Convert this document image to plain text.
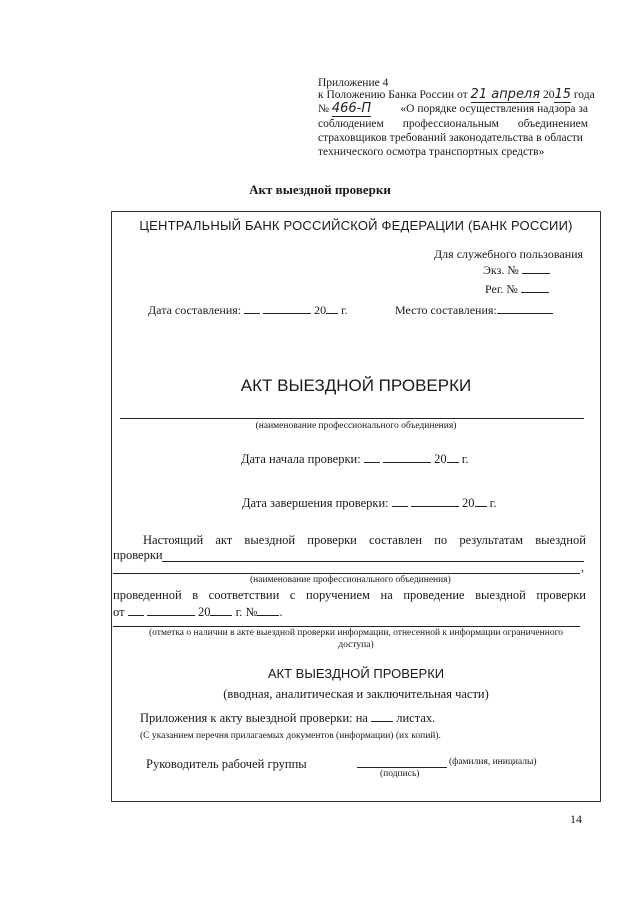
Приложение 4
к Положению Банка России от 21 апреля 2015 года
№ 466-П	«О порядке осуществления надзора за
соблюдением профессиональным объединением
страховщиков требований законодательства в области
технического осмотра транспортных средств»
Акт выездной проверки
ЦЕНТРАЛЬНЫЙ БАНК РОССИЙСКОЙ ФЕДЕРАЦИИ (БАНК РОССИИ)
Для служебного пользования
Экз. №
Рег. №
Дата составления:	20 г.	Место составления:
АКТ ВЫЕЗДНОЙ ПРОВЕРКИ
(наименование профессионального объединения)
Дата начала проверки:	20 г.
Дата завершения проверки:	20 г.
Настоящий акт выездной проверки составлен по результатам выездной
проверки
,
(наименование профессионального объединения)
проведенной в соответствии с поручением на проведение выездной проверки
от	20 г. № .
(отметка о наличии в акте выездной проверки информации, отнесенной к информации ограниченного
доступа)
АКТ ВЫЕЗДНОЙ ПРОВЕРКИ
(вводная, аналитическая и заключительная части)
Приложения к акту выездной проверки: на листах.
(С указанием перечня прилагаемых документов (информации) (их копий).
Руководитель рабочей группы	(фамилия, инициалы)
(подпись)
14
